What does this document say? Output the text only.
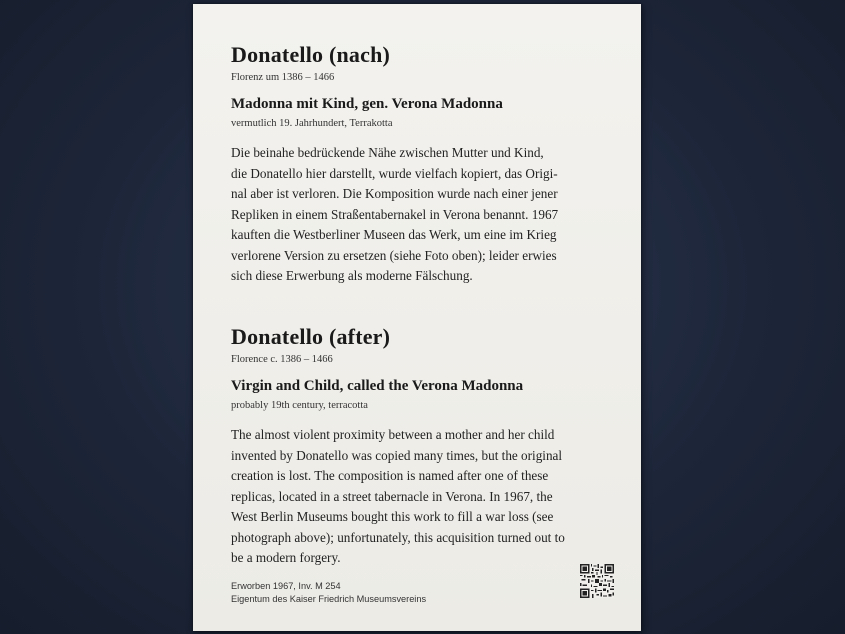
Donatello (nach)

Florenz um 1386 – 1466

Madonna mit Kind, gen. Verona Madonna

vermutlich 19. Jahrhundert, Terrakotta

Die beinahe bedrückende Nähe zwischen Mutter und Kind,
die Donatello hier darstellt, wurde vielfach kopiert, das Origi-
nal aber ist verloren. Die Komposition wurde nach einer jener
Repliken in einem Straßentabernakel in Verona benannt. 1967
kauften die Westberliner Museen das Werk, um eine im Krieg
verlorene Version zu ersetzen (siehe Foto oben); leider erwies
sich diese Erwerbung als moderne Fälschung.

Donatello (after)

Florence c. 1386 – 1466

Virgin and Child, called the Verona Madonna

probably 19th century, terracotta

The almost violent proximity between a mother and her child
invented by Donatello was copied many times, but the original
creation is lost. The composition is named after one of these
replicas, located in a street tabernacle in Verona. In 1967, the
West Berlin Museums bought this work to fill a war loss (see
photograph above); unfortunately, this acquisition turned out to
be a modern forgery.

Erworben 1967, Inv. M 254
Eigentum des Kaiser Friedrich Museumsvereins
